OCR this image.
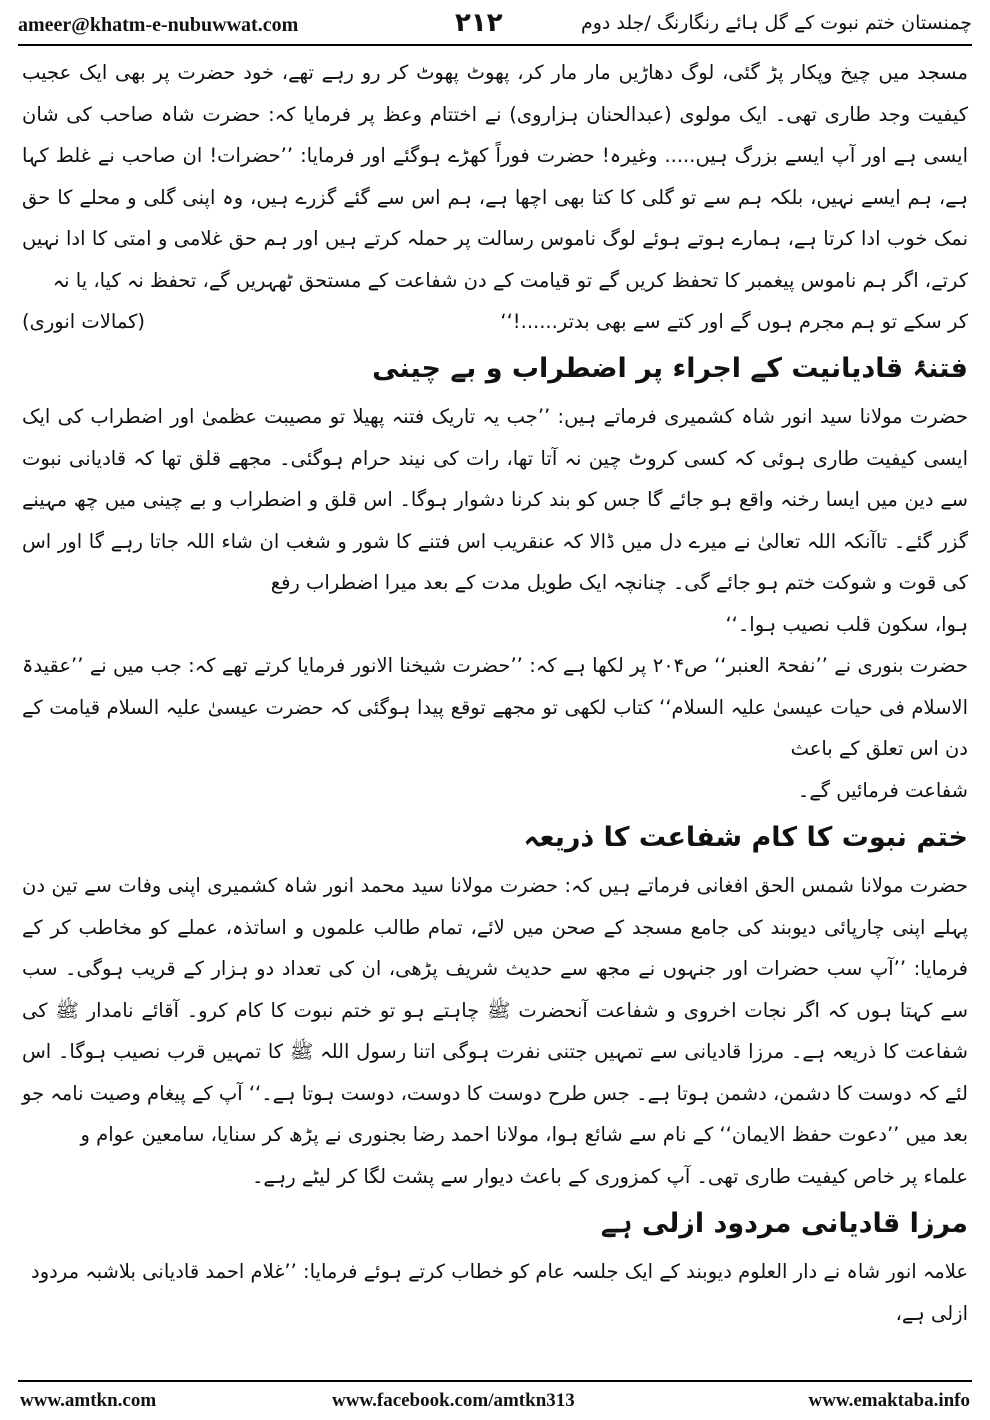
ameer@khatm-e-nubuwwat.com	۲۱۲	چمنستان ختم نبوت کے گل ہائے رنگارنگ /جلد دوم

مسجد میں چیخ وپکار پڑ گئی، لوگ دھاڑیں مار مار کر، پھوٹ پھوٹ کر رو رہے تھے، خود حضرت پر بھی ایک عجیب کیفیت وجد طاری تھی۔ ایک مولوی (عبدالحنان ہزاروی) نے اختتام وعظ پر فرمایا کہ: حضرت شاہ صاحب کی شان ایسی ہے اور آپ ایسے بزرگ ہیں..... وغیرہ! حضرت فوراً کھڑے ہوگئے اور فرمایا: ’’حضرات! ان صاحب نے غلط کہا ہے، ہم ایسے نہیں، بلکہ ہم سے تو گلی کا کتا بھی اچھا ہے، ہم اس سے گئے گزرے ہیں، وہ اپنی گلی و محلے کا حق نمک خوب ادا کرتا ہے، ہمارے ہوتے ہوئے لوگ ناموس رسالت پر حملہ کرتے ہیں اور ہم حق غلامی و امتی کا ادا نہیں کرتے، اگر ہم ناموس پیغمبر کا تحفظ کریں گے تو قیامت کے دن شفاعت کے مستحق ٹھہریں گے، تحفظ نہ کیا، یا نہ

کر سکے تو ہم مجرم ہوں گے اور کتے سے بھی بدتر......!‘‘
(کمالات انوری)
فتنۂ قادیانیت کے اجراء پر اضطراب و بے چینی

حضرت مولانا سید انور شاہ کشمیری فرماتے ہیں: ’’جب یہ تاریک فتنہ پھیلا تو مصیبت عظمیٰ اور اضطراب کی ایک ایسی کیفیت طاری ہوئی کہ کسی کروٹ چین نہ آتا تھا، رات کی نیند حرام ہوگئی۔ مجھے قلق تھا کہ قادیانی نبوت سے دین میں ایسا رخنہ واقع ہو جائے گا جس کو بند کرنا دشوار ہوگا۔ اس قلق و اضطراب و بے چینی میں چھ مہینے گزر گئے۔ تاآنکہ اللہ تعالیٰ نے میرے دل میں ڈالا کہ عنقریب اس فتنے کا شور و شغب ان شاء اللہ جاتا رہے گا اور اس کی قوت و شوکت ختم ہو جائے گی۔ چنانچہ ایک طویل مدت کے بعد میرا اضطراب رفع

ہوا، سکون قلب نصیب ہوا۔‘‘

حضرت بنوری نے ’’نفحۃ العنبر‘‘ ص۲۰۴ پر لکھا ہے کہ: ’’حضرت شیخنا الانور فرمایا کرتے تھے کہ: جب میں نے ’’عقیدۃ الاسلام فی حیات عیسیٰ علیہ السلام‘‘ کتاب لکھی تو مجھے توقع پیدا ہوگئی کہ حضرت عیسیٰ علیہ السلام قیامت کے دن اس تعلق کے باعث

شفاعت فرمائیں گے۔

ختم نبوت کا کام شفاعت کا ذریعہ

حضرت مولانا شمس الحق افغانی فرماتے ہیں کہ: حضرت مولانا سید محمد انور شاہ کشمیری اپنی وفات سے تین دن پہلے اپنی چارپائی دیوبند کی جامع مسجد کے صحن میں لائے، تمام طالب علموں و اساتذہ، عملے کو مخاطب کر کے فرمایا: ’’آپ سب حضرات اور جنہوں نے مجھ سے حدیث شریف پڑھی، ان کی تعداد دو ہزار کے قریب ہوگی۔ سب سے کہتا ہوں کہ اگر نجات اخروی و شفاعت آنحضرت ﷺ چاہتے ہو تو ختم نبوت کا کام کرو۔ آقائے نامدار ﷺ کی شفاعت کا ذریعہ ہے۔ مرزا قادیانی سے تمہیں جتنی نفرت ہوگی اتنا رسول اللہ ﷺ کا تمہیں قرب نصیب ہوگا۔ اس لئے کہ دوست کا دشمن، دشمن ہوتا ہے۔ جس طرح دوست کا دوست، دوست ہوتا ہے۔‘‘ آپ کے پیغام وصیت نامہ جو بعد میں ’’دعوت حفظ الایمان‘‘ کے نام سے شائع ہوا، مولانا احمد رضا بجنوری نے پڑھ کر سنایا، سامعین عوام و

علماء پر خاص کیفیت طاری تھی۔ آپ کمزوری کے باعث دیوار سے پشت لگا کر لیٹے رہے۔

مرزا قادیانی مردود ازلی ہے

علامہ انور شاہ نے دار العلوم دیوبند کے ایک جلسہ عام کو خطاب کرتے ہوئے فرمایا: ’’غلام احمد قادیانی بلاشبہ مردود ازلی ہے،

www.amtkn.com	www.facebook.com/amtkn313	www.emaktaba.info
